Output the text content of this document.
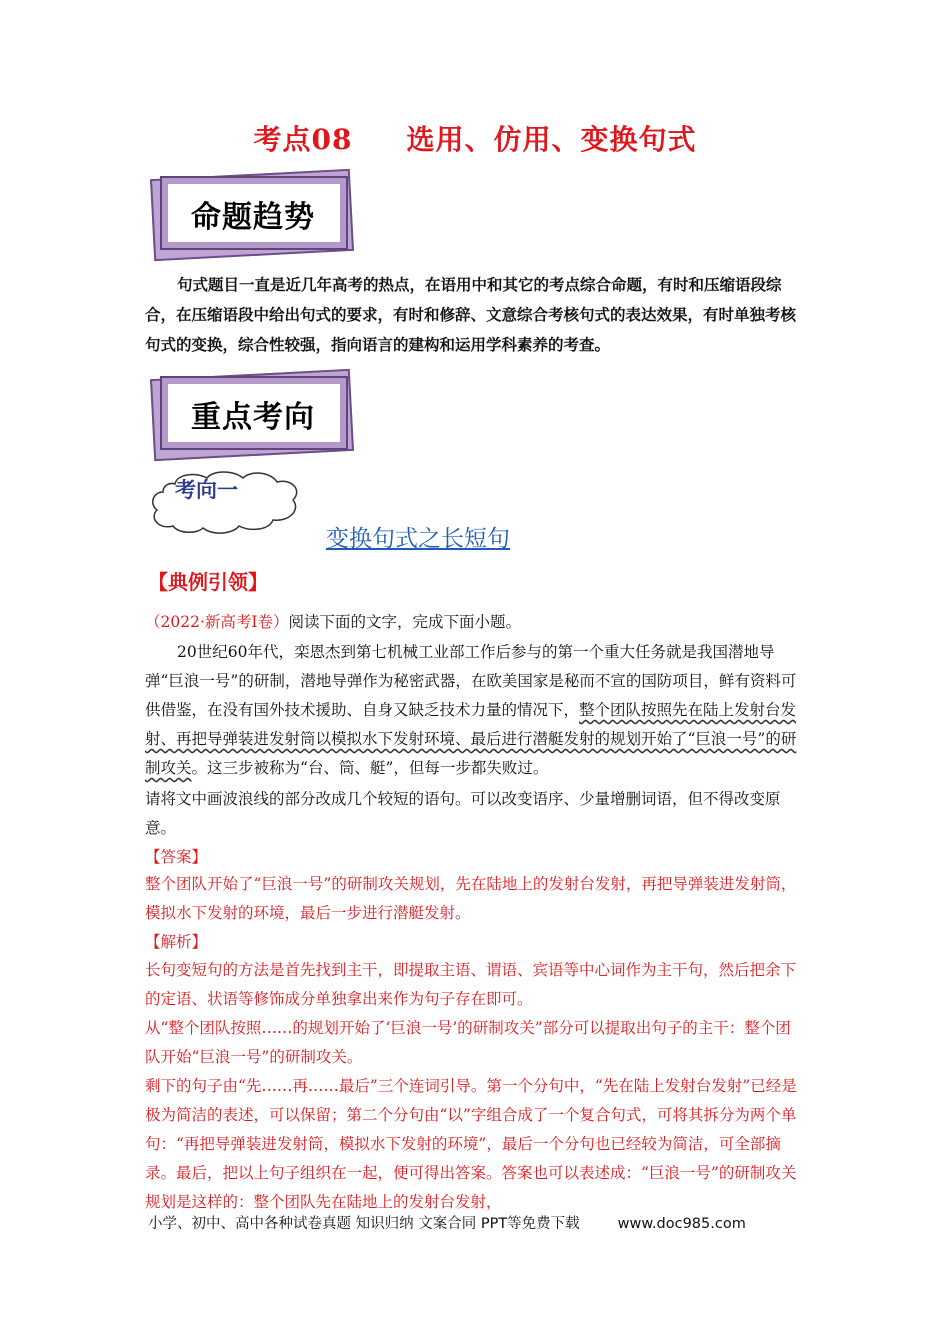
考点08 选用、仿用、变换句式
命题趋势
句式题目一直是近几年高考的热点，在语用中和其它的考点综合命题，有时和压缩语段综合，在压缩语段中给出句式的要求，有时和修辞、文意综合考核句式的表达效果，有时单独考核句式的变换，综合性较强，指向语言的建构和运用学科素养的考查。
重点考向
考向一
变换句式之长短句
【典例引领】
（2022·新高考Ⅰ卷）阅读下面的文字，完成下面小题。
20世纪60年代，栾恩杰到第七机械工业部工作后参与的第一个重大任务就是我国潜地导弹“巨浪一号”的研制，潜地导弹作为秘密武器，在欧美国家是秘而不宣的国防项目，鲜有资料可供借鉴，在没有国外技术援助、自身又缺乏技术力量的情况下，整个团队按照先在陆上发射台发射、再把导弹装进发射筒以模拟水下发射环境、最后进行潜艇发射的规划开始了“巨浪一号”的研制攻关。这三步被称为“台、筒、艇”，但每一步都失败过。
请将文中画波浪线的部分改成几个较短的语句。可以改变语序、少量增删词语，但不得改变原意。
【答案】
整个团队开始了“巨浪一号”的研制攻关规划，先在陆地上的发射台发射，再把导弹装进发射筒，模拟水下发射的环境，最后一步进行潜艇发射。
【解析】
长句变短句的方法是首先找到主干，即提取主语、谓语、宾语等中心词作为主干句，然后把余下的定语、状语等修饰成分单独拿出来作为句子存在即可。
从“整个团队按照……的规划开始了‘巨浪一号’的研制攻关”部分可以提取出句子的主干：整个团队开始“巨浪一号”的研制攻关。
剩下的句子由“先……再……最后”三个连词引导。第一个分句中，“先在陆上发射台发射”已经是极为简洁的表述，可以保留；第二个分句由“以”字组合成了一个复合句式，可将其拆分为两个单句：“再把导弹装进发射筒，模拟水下发射的环境”，最后一个分句也已经较为简洁，可全部摘录。最后，把以上句子组织在一起，便可得出答案。答案也可以表述成：“巨浪一号”的研制攻关规划是这样的：整个团队先在陆地上的发射台发射，
小学、初中、高中各种试卷真题 知识归纳 文案合同 PPT等免费下载	www.doc985.com
